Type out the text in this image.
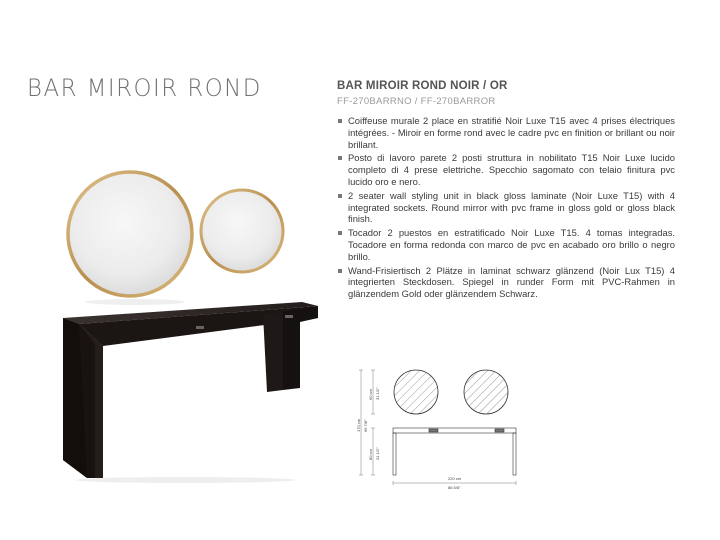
BAR MIROIR ROND	BAR MIROIR ROND NOIR / OR
FF-270BARRNO / FF-270BARROR
Coiffeuse murale 2 place en stratifié Noir Luxe T15 avec 4 prises électriques intégrées. - Miroir en forme rond avec le cadre pvc en finition or brillant ou noir brillant.
Posto di lavoro parete 2 posti struttura in nobilitato T15 Noir Luxe lucido completo di 4 prese elettriche. Specchio sagomato con telaio finitura pvc lucido oro e nero.
2 seater wall styling unit in black gloss laminate (Noir Luxe T15) with 4 integrated sockets. Round mirror with pvc frame in gloss gold or gloss black finish.
Tocador 2 puestos en estratificado Noir Luxe T15. 4 tomas integradas. Tocadore en forma redonda con marco de pvc en acabado oro brillo o negro brillo.
Wand-Frisiertisch 2 Plätze in laminat schwarz glänzend (Noir Lux T15) 4 integrierten Steckdosen. Spiegel in runder Form mit PVC-Rahmen in glänzendem Gold oder glänzendem Schwarz.
60 cm 31 1/2"
170 cm 66 7/8"
80 cm 31 1/2"
220 cm
86 5/8"
